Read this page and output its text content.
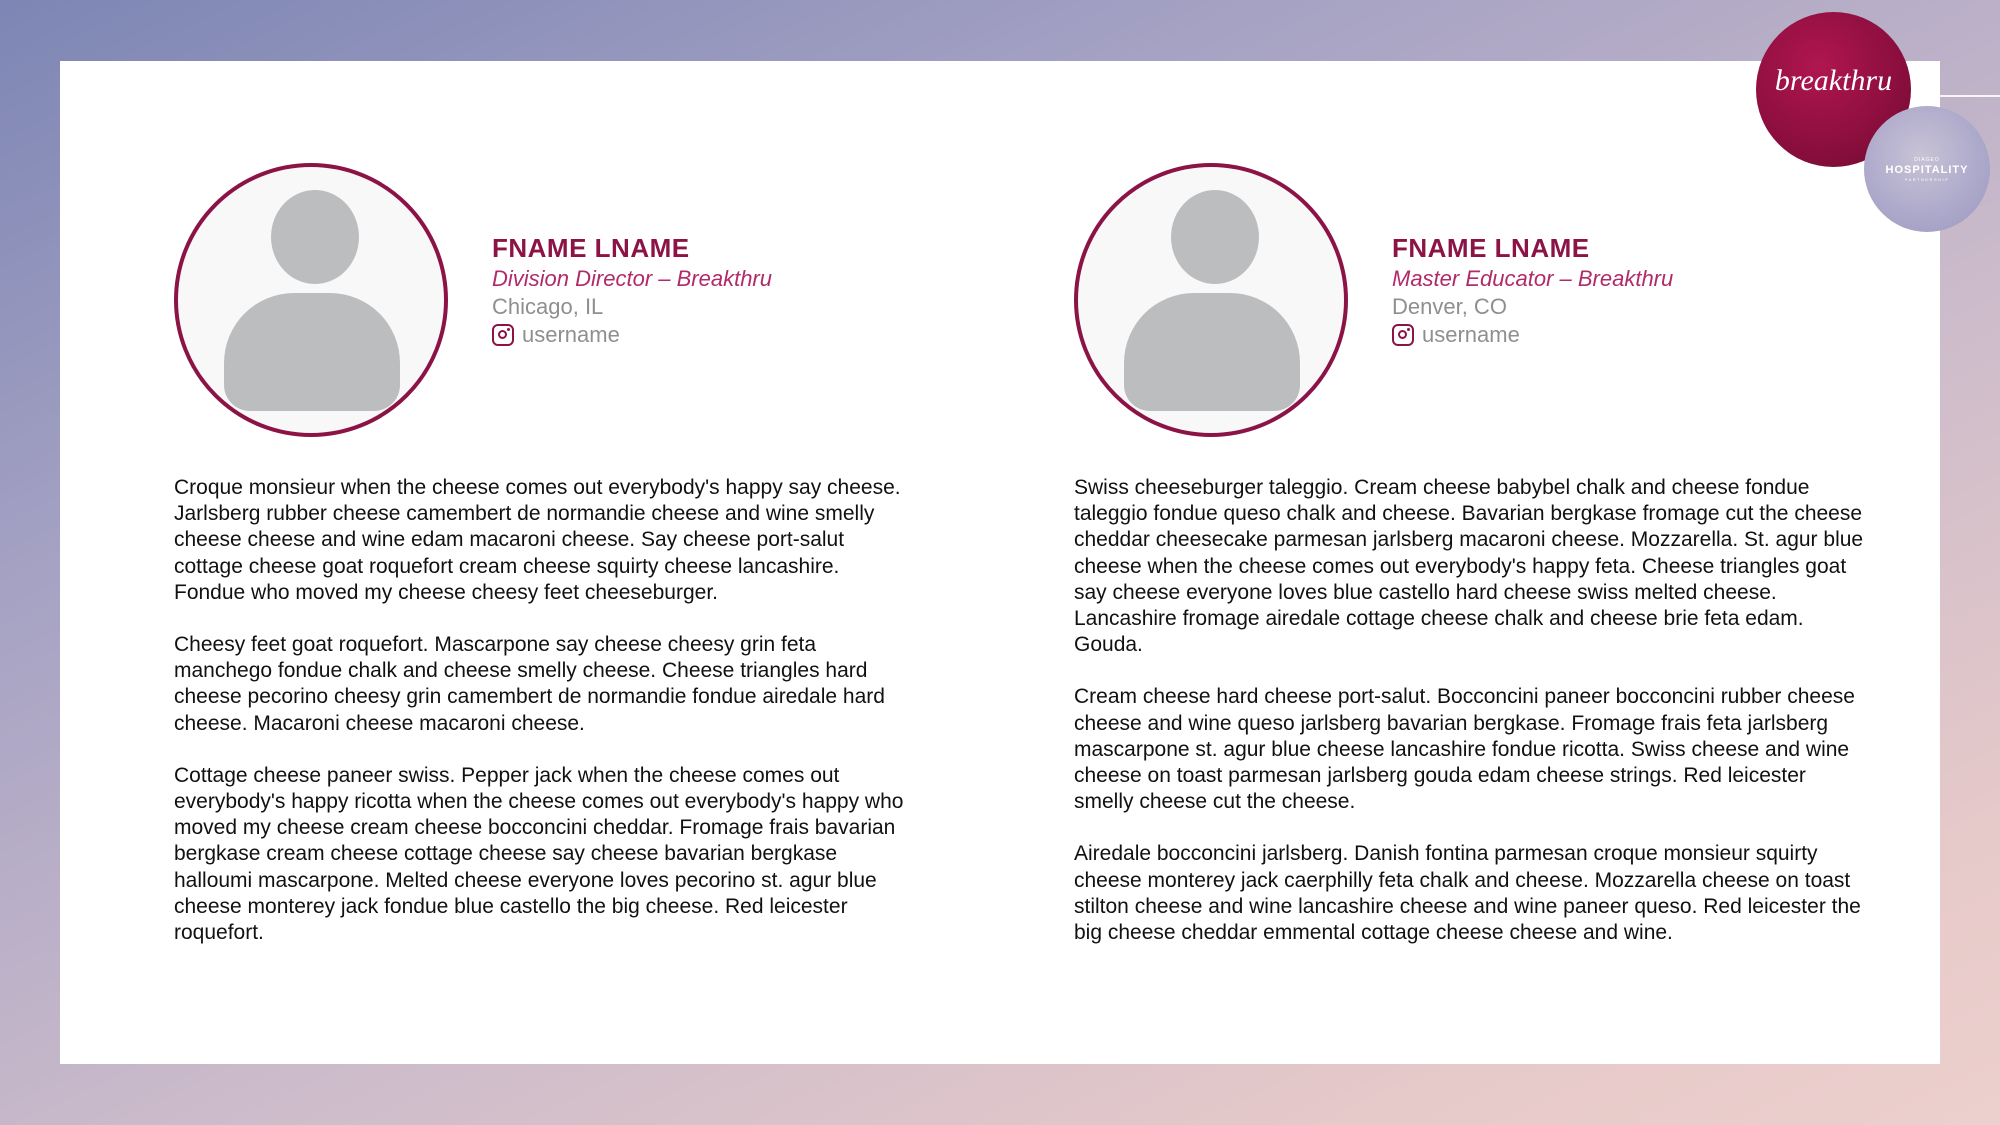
FNAME LNAME
Division Director – Breakthru
Chicago, IL
username

Croque monsieur when the cheese comes out everybody's happy say cheese. Jarlsberg rubber cheese camembert de normandie cheese and wine smelly cheese cheese and wine edam macaroni cheese. Say cheese port-salut cottage cheese goat roquefort cream cheese squirty cheese lancashire. Fondue who moved my cheese cheesy feet cheeseburger.

Cheesy feet goat roquefort. Mascarpone say cheese cheesy grin feta manchego fondue chalk and cheese smelly cheese. Cheese triangles hard cheese pecorino cheesy grin camembert de normandie fondue airedale hard cheese. Macaroni cheese macaroni cheese.

Cottage cheese paneer swiss. Pepper jack when the cheese comes out everybody's happy ricotta when the cheese comes out everybody's happy who moved my cheese cream cheese bocconcini cheddar. Fromage frais bavarian bergkase cream cheese cottage cheese say cheese bavarian bergkase halloumi mascarpone. Melted cheese everyone loves pecorino st. agur blue cheese monterey jack fondue blue castello the big cheese. Red leicester roquefort.

FNAME LNAME
Master Educator – Breakthru
Denver, CO
username

Swiss cheeseburger taleggio. Cream cheese babybel chalk and cheese fondue taleggio fondue queso chalk and cheese. Bavarian bergkase fromage cut the cheese cheddar cheesecake parmesan jarlsberg macaroni cheese. Mozzarella. St. agur blue cheese when the cheese comes out everybody's happy feta. Cheese triangles goat say cheese everyone loves blue castello hard cheese swiss melted cheese. Lancashire fromage airedale cottage cheese chalk and cheese brie feta edam. Gouda.

Cream cheese hard cheese port-salut. Bocconcini paneer bocconcini rubber cheese cheese and wine queso jarlsberg bavarian bergkase. Fromage frais feta jarlsberg mascarpone st. agur blue cheese lancashire fondue ricotta. Swiss cheese and wine cheese on toast parmesan jarlsberg gouda edam cheese strings. Red leicester smelly cheese cut the cheese.

Airedale bocconcini jarlsberg. Danish fontina parmesan croque monsieur squirty cheese monterey jack caerphilly feta chalk and cheese. Mozzarella cheese on toast stilton cheese and wine lancashire cheese and wine paneer queso. Red leicester the big cheese cheddar emmental cottage cheese cheese and wine.

breakthru
DIAGEO
HOSPITALITY
PARTNERSHIP
